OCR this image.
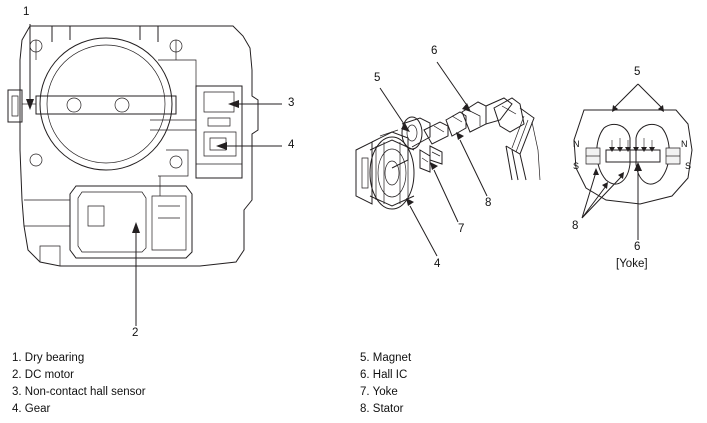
1
3
4
2
5
6
8
7
4
5
8
6
N
S
N
S
[Yoke]
1. Dry bearing
2. DC motor
3. Non-contact hall sensor
4. Gear
5. Magnet
6. Hall IC
7. Yoke
8. Stator
